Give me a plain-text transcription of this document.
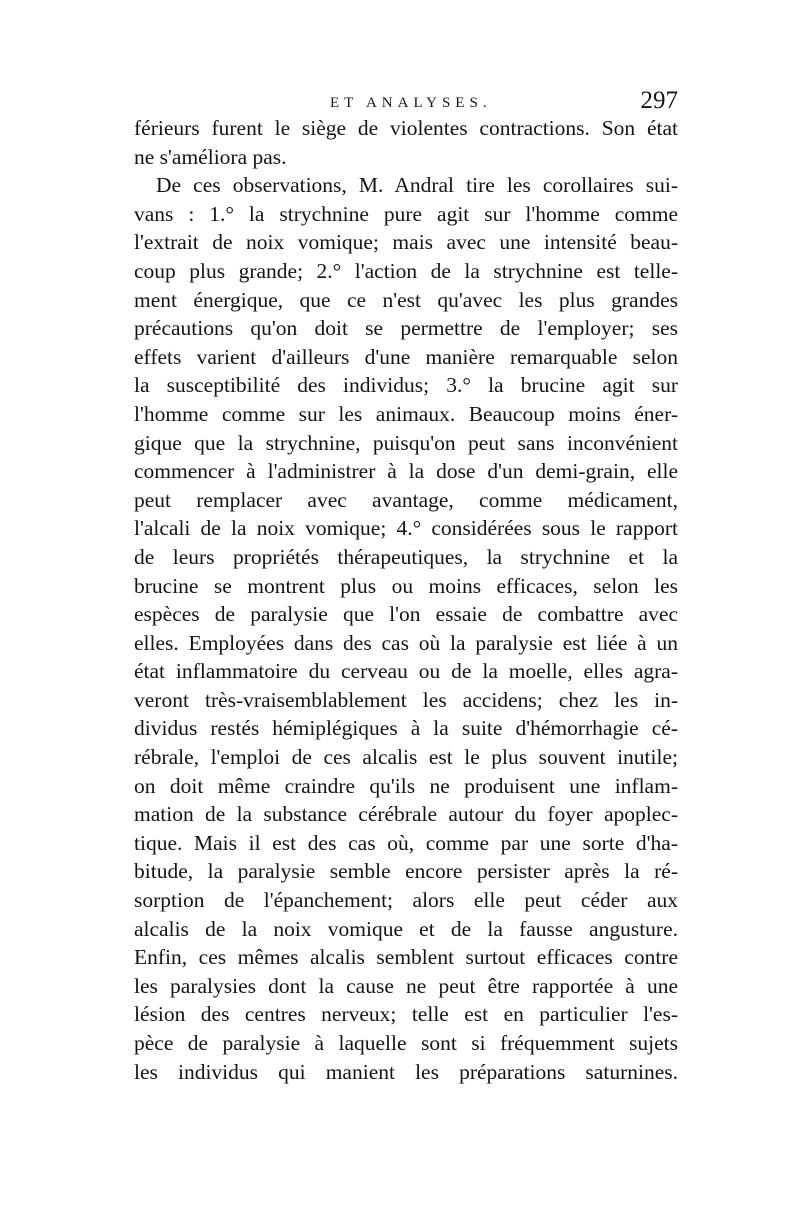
ET ANALYSES.	297
férieurs furent le siège de violentes contractions. Son état
ne s'améliora pas.
De ces observations, M. Andral tire les corollaires sui-
vans : 1.° la strychnine pure agit sur l'homme comme
l'extrait de noix vomique; mais avec une intensité beau-
coup plus grande; 2.° l'action de la strychnine est telle-
ment énergique, que ce n'est qu'avec les plus grandes
précautions qu'on doit se permettre de l'employer; ses
effets varient d'ailleurs d'une manière remarquable selon
la susceptibilité des individus; 3.° la brucine agit sur
l'homme comme sur les animaux. Beaucoup moins éner-
gique que la strychnine, puisqu'on peut sans inconvénient
commencer à l'administrer à la dose d'un demi-grain, elle
peut remplacer avec avantage, comme médicament,
l'alcali de la noix vomique; 4.° considérées sous le rapport
de leurs propriétés thérapeutiques, la strychnine et la
brucine se montrent plus ou moins efficaces, selon les
espèces de paralysie que l'on essaie de combattre avec
elles. Employées dans des cas où la paralysie est liée à un
état inflammatoire du cerveau ou de la moelle, elles agra-
veront très-vraisemblablement les accidens; chez les in-
dividus restés hémiplégiques à la suite d'hémorrhagie cé-
rébrale, l'emploi de ces alcalis est le plus souvent inutile;
on doit même craindre qu'ils ne produisent une inflam-
mation de la substance cérébrale autour du foyer apoplec-
tique. Mais il est des cas où, comme par une sorte d'ha-
bitude, la paralysie semble encore persister après la ré-
sorption de l'épanchement; alors elle peut céder aux
alcalis de la noix vomique et de la fausse angusture.
Enfin, ces mêmes alcalis semblent surtout efficaces contre
les paralysies dont la cause ne peut être rapportée à une
lésion des centres nerveux; telle est en particulier l'es-
pèce de paralysie à laquelle sont si fréquemment sujets
les individus qui manient les préparations saturnines.
